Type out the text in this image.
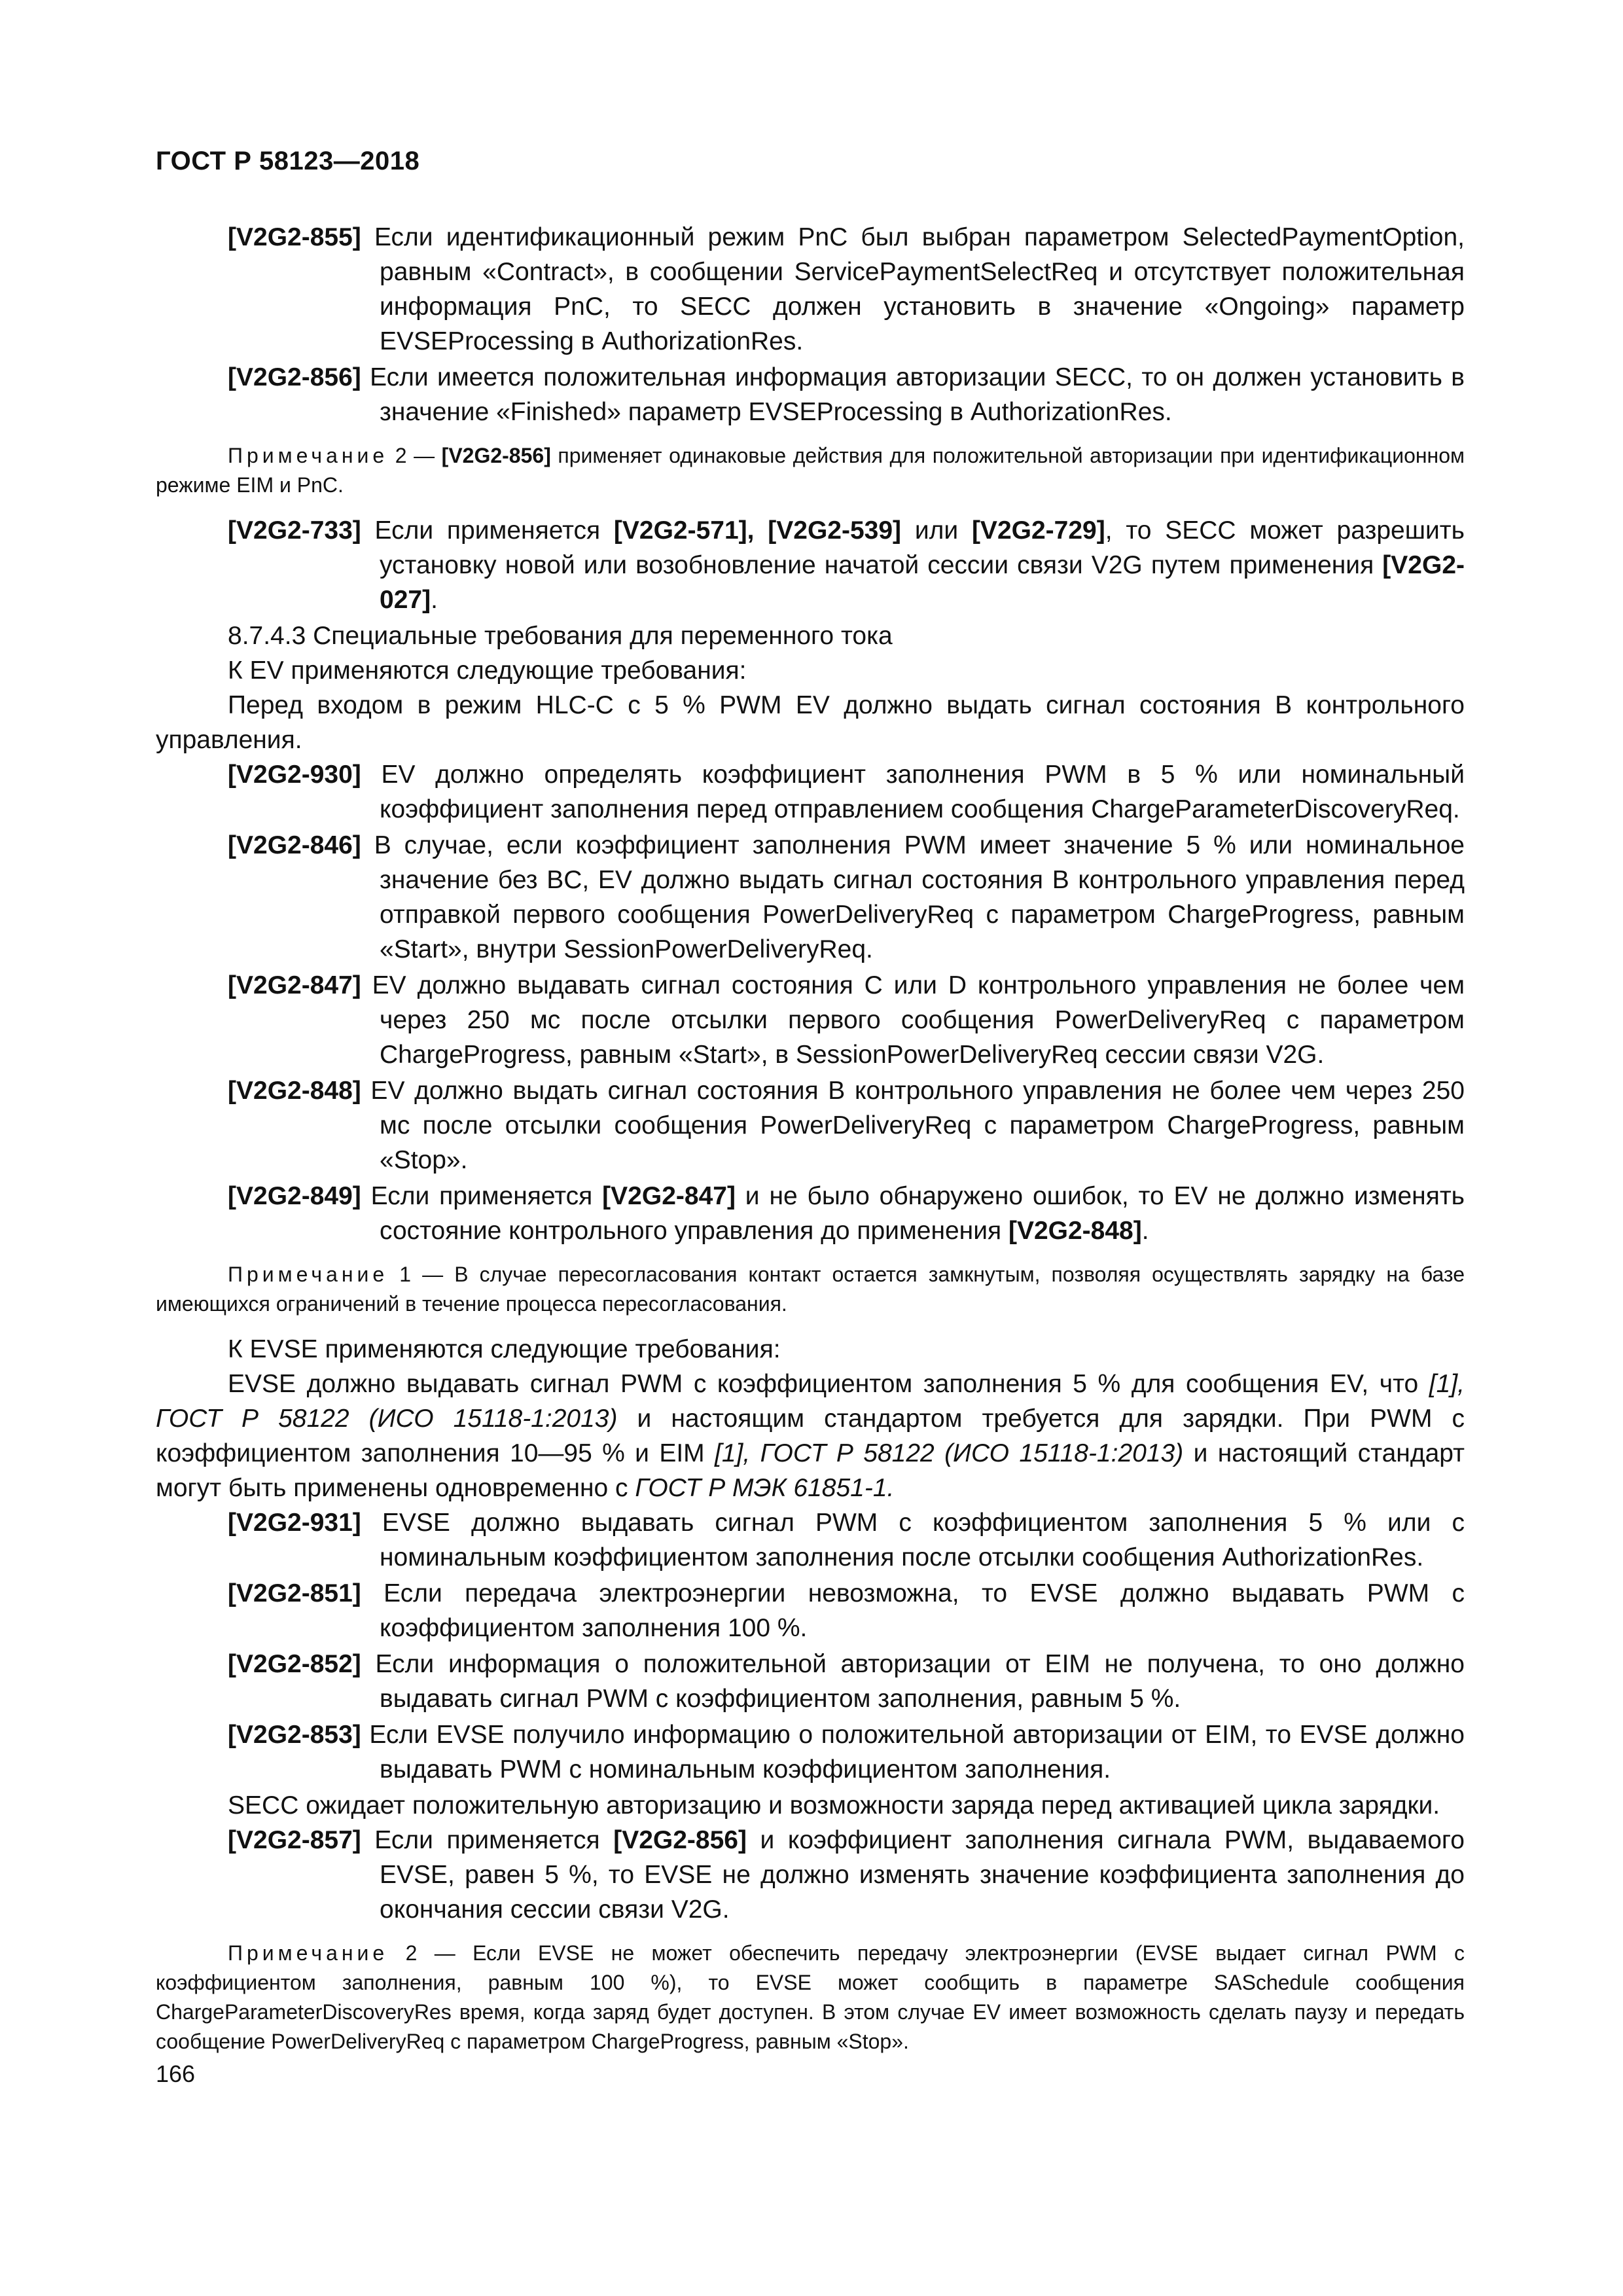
ГОСТ Р 58123—2018

[V2G2-855] Если идентификационный режим PnC был выбран параметром SelectedPaymentOption, равным «Contract», в сообщении ServicePaymentSelectReq и отсутствует положительная информация PnC, то SECC должен установить в значение «Ongoing» параметр EVSEProcessing в AuthorizationRes.

[V2G2-856] Если имеется положительная информация авторизации SECC, то он должен установить в значение «Finished» параметр EVSEProcessing в AuthorizationRes.

Примечание 2 — [V2G2-856] применяет одинаковые действия для положительной авторизации при идентификационном режиме EIM и PnC.

[V2G2-733] Если применяется [V2G2-571], [V2G2-539] или [V2G2-729], то SECC может разрешить установку новой или возобновление начатой сессии связи V2G путем применения [V2G2-027].

8.7.4.3 Специальные требования для переменного тока

К EV применяются следующие требования:

Перед входом в режим HLC-C с 5 % PWM EV должно выдать сигнал состояния B контрольного управления.

[V2G2-930] EV должно определять коэффициент заполнения PWM в 5 % или номинальный коэффициент заполнения перед отправлением сообщения ChargeParameterDiscoveryReq.

[V2G2-846] В случае, если коэффициент заполнения PWM имеет значение 5 % или номинальное значение без BC, EV должно выдать сигнал состояния B контрольного управления перед отправкой первого сообщения PowerDeliveryReq с параметром ChargeProgress, равным «Start», внутри SessionPowerDeliveryReq.

[V2G2-847] EV должно выдавать сигнал состояния C или D контрольного управления не более чем через 250 мс после отсылки первого сообщения PowerDeliveryReq с параметром ChargeProgress, равным «Start», в SessionPowerDeliveryReq сессии связи V2G.

[V2G2-848] EV должно выдать сигнал состояния B контрольного управления не более чем через 250 мс после отсылки сообщения PowerDeliveryReq с параметром ChargeProgress, равным «Stop».

[V2G2-849] Если применяется [V2G2-847] и не было обнаружено ошибок, то EV не должно изменять состояние контрольного управления до применения [V2G2-848].

Примечание 1 — В случае пересогласования контакт остается замкнутым, позволяя осуществлять зарядку на базе имеющихся ограничений в течение процесса пересогласования.

К EVSE применяются следующие требования:

EVSE должно выдавать сигнал PWM с коэффициентом заполнения 5 % для сообщения EV, что [1], ГОСТ Р 58122 (ИСО 15118-1:2013) и настоящим стандартом требуется для зарядки. При PWM с коэффициентом заполнения 10—95 % и EIM [1], ГОСТ Р 58122 (ИСО 15118-1:2013) и настоящий стандарт могут быть применены одновременно с ГОСТ Р МЭК 61851-1.

[V2G2-931] EVSE должно выдавать сигнал PWM с коэффициентом заполнения 5 % или с номинальным коэффициентом заполнения после отсылки сообщения AuthorizationRes.

[V2G2-851] Если передача электроэнергии невозможна, то EVSE должно выдавать PWM с коэффициентом заполнения 100 %.

[V2G2-852] Если информация о положительной авторизации от EIM не получена, то оно должно выдавать сигнал PWM с коэффициентом заполнения, равным 5 %.

[V2G2-853] Если EVSE получило информацию о положительной авторизации от EIM, то EVSE должно выдавать PWM с номинальным коэффициентом заполнения.

SECC ожидает положительную авторизацию и возможности заряда перед активацией цикла зарядки.

[V2G2-857] Если применяется [V2G2-856] и коэффициент заполнения сигнала PWM, выдаваемого EVSE, равен 5 %, то EVSE не должно изменять значение коэффициента заполнения до окончания сессии связи V2G.

Примечание 2 — Если EVSE не может обеспечить передачу электроэнергии (EVSE выдает сигнал PWM с коэффициентом заполнения, равным 100 %), то EVSE может сообщить в параметре SASchedule сообщения ChargeParameterDiscoveryRes время, когда заряд будет доступен. В этом случае EV имеет возможность сделать паузу и передать сообщение PowerDeliveryReq с параметром ChargeProgress, равным «Stop».

166
